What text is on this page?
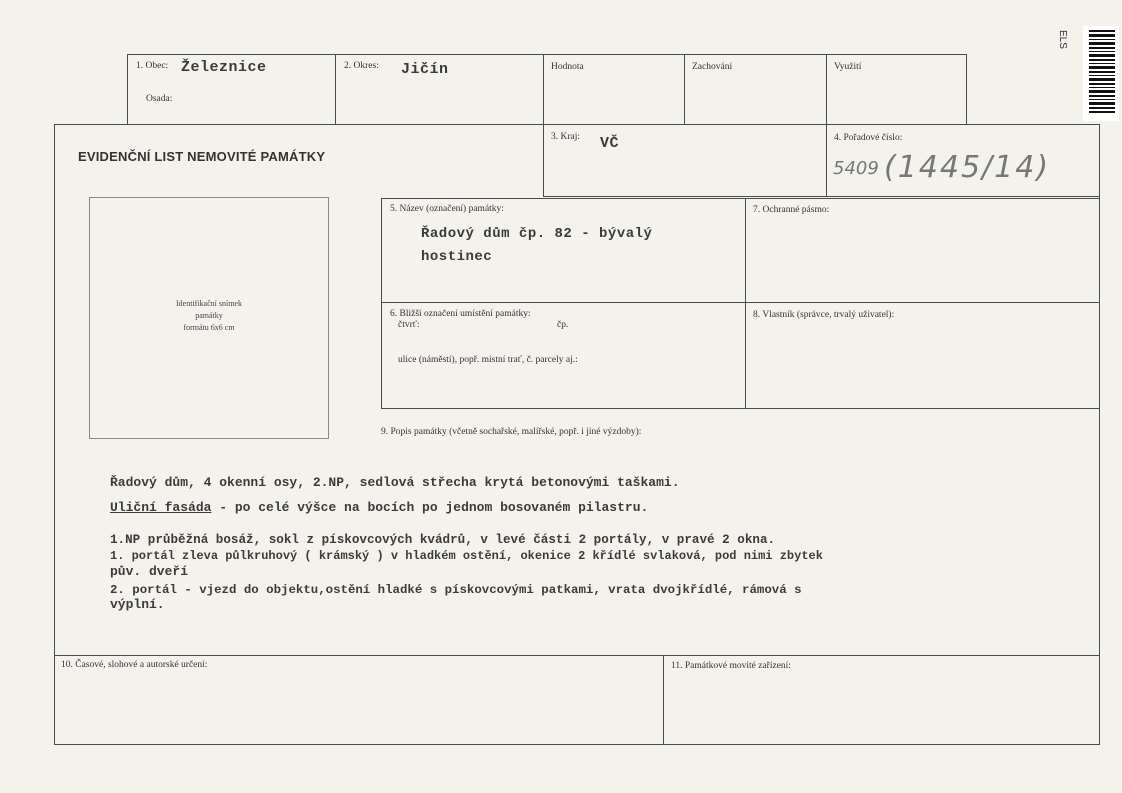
ELS
1. Obec: Železnice
Osada:
2. Okres: Jičín	Hodnota	Zachování	Využití
EVIDENČNÍ LIST NEMOVITÉ PAMÁTKY
3. Kraj: VČ	4. Pořadové číslo:
5409 (1445/14)
Identifikační snímek
památky
formátu 6x6 cm
5. Název (označení) památky:
Řadový dům čp. 82 - bývalý
hostinec
7. Ochranné pásmo:
6. Bližší označení umístění památky:
čtvrť:	čp.
ulice (náměstí), popř. místní trať, č. parcely aj.:
8. Vlastník (správce, trvalý uživatel):
9. Popis památky (včetně sochařské, malířské, popř. i jiné výzdoby):
Řadový dům, 4 okenní osy, 2.NP, sedlová střecha krytá betonovými taškami.
Uliční fasáda - po celé výšce na bocích po jednom bosovaném pilastru.
1.NP průběžná bosáž, sokl z pískovcových kvádrů, v levé části 2 portály, v pravé 2 okna.
1. portál zleva půlkruhový ( krámský ) v hladkém ostění, okenice 2 křídlé svlaková, pod nimi zbytek
pův. dveří
2. portál - vjezd do objektu,ostění hladké s pískovcovými patkami, vrata dvojkřídlé, rámová s
výplní.
10. Časové, slohové a autorské určení:	11. Památkové movité zařízení:
